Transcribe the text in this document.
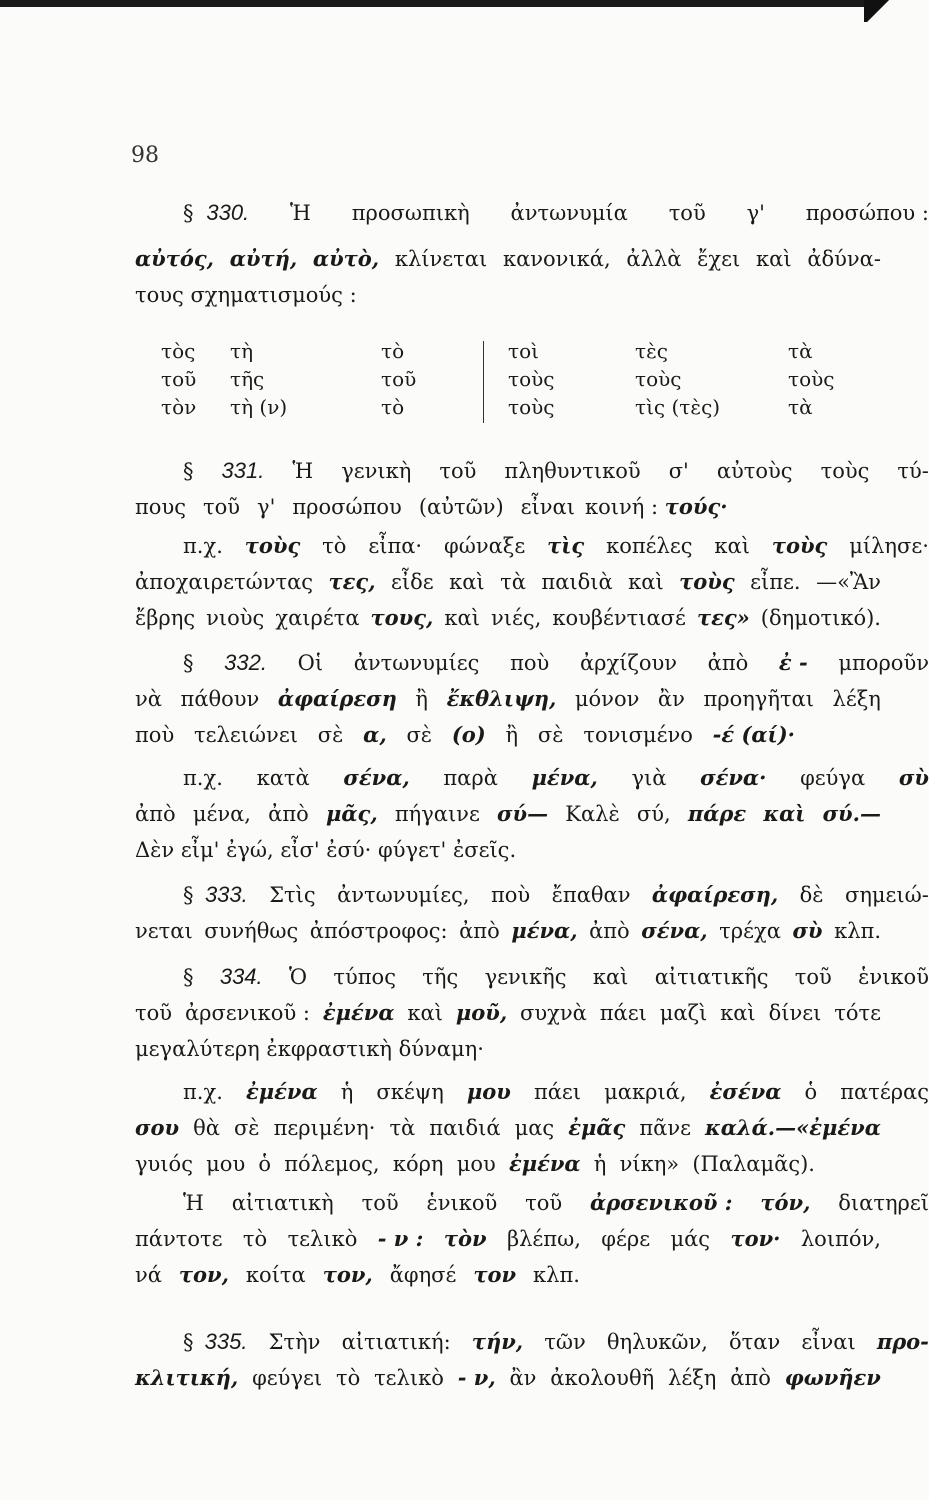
98
§ 330. Ἡ προσωπικὴ ἀντωνυμία τοῦ γ' προσώπου :
αὐτός, αὐτή, αὐτὸ, κλίνεται κανονικά, ἀλλὰ ἔχει καὶ ἀδύνα-
τους σχηματισμούς :
τὸς
τοῦ
τὸν
τὴ
τῆς
τὴ (ν)
τὸ
τοῦ
τὸ
τοὶ
τοὺς
τοὺς
τὲς
τοὺς
τὶς (τὲς)
τὰ
τοὺς
τὰ
§ 331. Ἡ γενικὴ τοῦ πληθυντικοῦ σ' αὐτοὺς τοὺς τύ-
πους τοῦ γ' προσώπου (αὐτῶν) εἶναι κοινή : τούς·
π.χ. τοὺς τὸ εἶπα· φώναξε τὶς κοπέλες καὶ τοὺς μίλησε·
ἀποχαιρετώντας τες, εἶδε καὶ τὰ παιδιὰ καὶ τοὺς εἶπε. —«Ἂν
ἔβρης νιοὺς χαιρέτα τους, καὶ νιές, κουβέντιασέ τες» (δημοτικό).
§ 332. Οἱ ἀντωνυμίες ποὺ ἀρχίζουν ἀπὸ ἐ - μποροῦν
νὰ πάθουν ἀφαίρεση ἢ ἔκθλιψη, μόνον ἂν προηγῆται λέξη
ποὺ τελειώνει σὲ α, σὲ (ο) ἢ σὲ τονισμένο -έ (αί)·
π.χ. κατὰ σένα, παρὰ μένα, γιὰ σένα· φεύγα σὺ
ἀπὸ μένα, ἀπὸ μᾶς, πήγαινε σύ— Καλὲ σύ, πάρε καὶ σύ.—
Δὲν εἶμ' ἐγώ, εἶσ' ἐσύ· φύγετ' ἐσεῖς.
§ 333. Στὶς ἀντωνυμίες, ποὺ ἔπαθαν ἀφαίρεση, δὲ σημειώ-
νεται συνήθως ἀπόστροφος: ἀπὸ μένα, ἀπὸ σένα, τρέχα σὺ κλπ.
§ 334. Ὁ τύπος τῆς γενικῆς καὶ αἰτιατικῆς τοῦ ἑνικοῦ
τοῦ ἀρσενικοῦ : ἐμένα καὶ μοῦ, συχνὰ πάει μαζὶ καὶ δίνει τότε
μεγαλύτερη ἐκφραστικὴ δύναμη·
π.χ. ἐμένα ἡ σκέψη μου πάει μακριά, ἐσένα ὁ πατέρας
σου θὰ σὲ περιμένη· τὰ παιδιά μας ἐμᾶς πᾶνε καλά.—«ἐμένα
γυιός μου ὁ πόλεμος, κόρη μου ἐμένα ἡ νίκη» (Παλαμᾶς).
Ἡ αἰτιατικὴ τοῦ ἑνικοῦ τοῦ ἀρσενικοῦ : τόν, διατηρεῖ
πάντοτε τὸ τελικὸ - ν : τὸν βλέπω, φέρε μάς τον· λοιπόν,
νά τον, κοίτα τον, ἄφησέ τον κλπ.
§ 335. Στὴν αἰτιατική: τήν, τῶν θηλυκῶν, ὅταν εἶναι προ-
κλιτική, φεύγει τὸ τελικὸ - ν, ἂν ἀκολουθῆ λέξη ἀπὸ φωνῆεν
